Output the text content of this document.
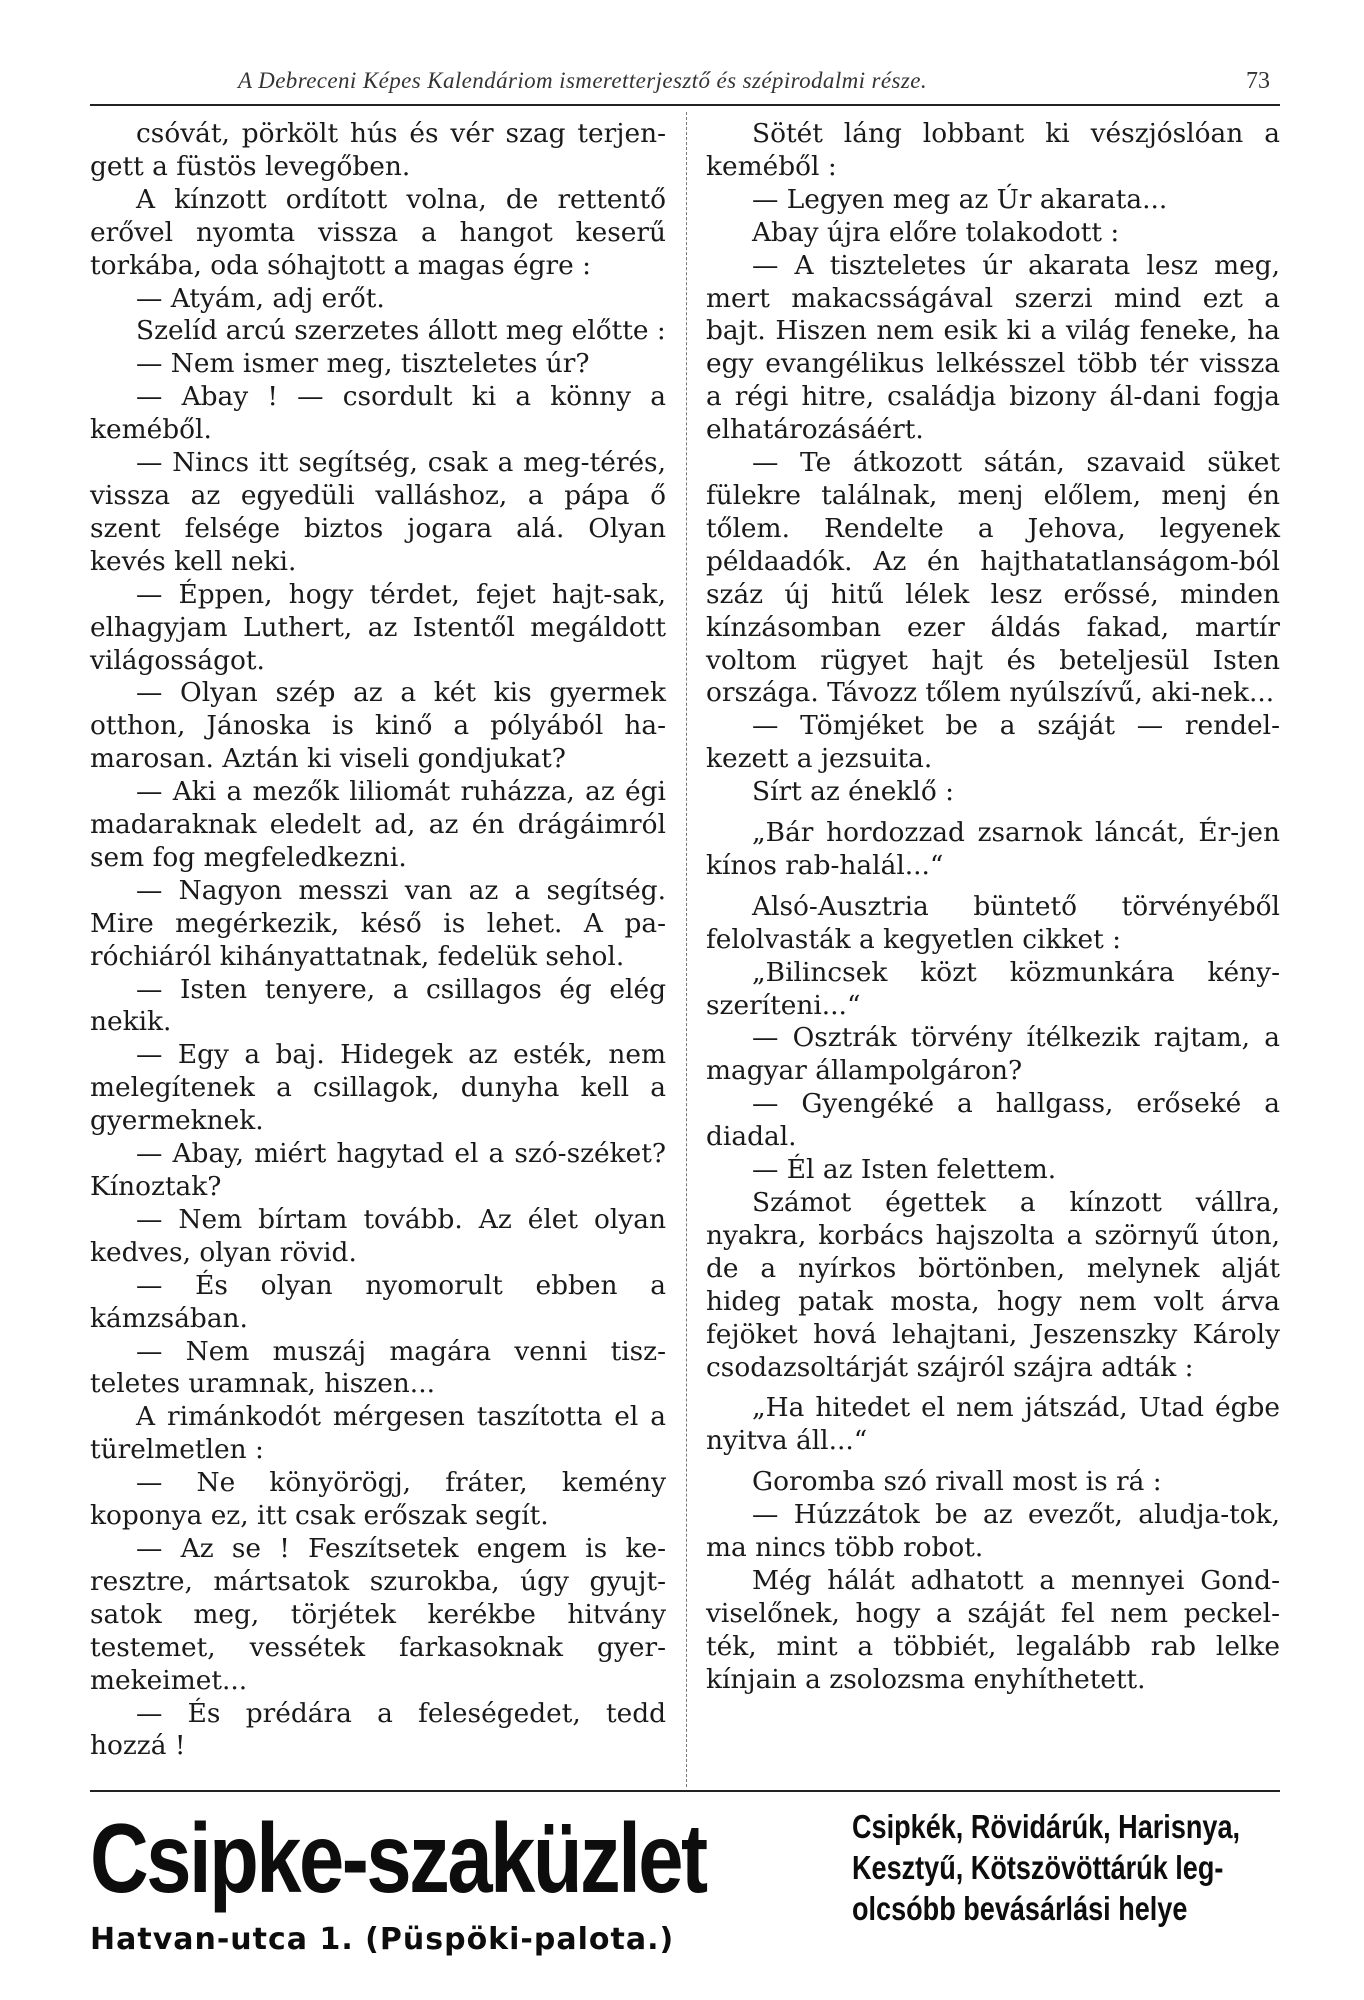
A Debreceni Képes Kalendáriom ismeretterjesztő és szépirodalmi része.	73

csóvát, pörkölt hús és vér szag terjen-gett a füstös levegőben.

A kínzott ordított volna, de rettentő erővel nyomta vissza a hangot keserű torkába, oda sóhajtott a magas égre :

— Atyám, adj erőt.

Szelíd arcú szerzetes állott meg előtte :

— Nem ismer meg, tiszteletes úr?

— Abay ! — csordult ki a könny a keméből.

— Nincs itt segítség, csak a meg-térés, vissza az egyedüli valláshoz, a pápa ő szent felsége biztos jogara alá. Olyan kevés kell neki.

— Éppen, hogy térdet, fejet hajt-sak, elhagyjam Luthert, az Istentől megáldott világosságot.

— Olyan szép az a két kis gyermek otthon, Jánoska is kinő a pólyából ha-marosan. Aztán ki viseli gondjukat?

— Aki a mezők liliomát ruházza, az égi madaraknak eledelt ad, az én drágáimról sem fog megfeledkezni.

— Nagyon messzi van az a segítség. Mire megérkezik, késő is lehet. A pa-róchiáról kihányattatnak, fedelük sehol.

— Isten tenyere, a csillagos ég elég nekik.

— Egy a baj. Hidegek az esték, nem melegítenek a csillagok, dunyha kell a gyermeknek.

— Abay, miért hagytad el a szó-széket? Kínoztak?

— Nem bírtam tovább. Az élet olyan kedves, olyan rövid.

— És olyan nyomorult ebben a kámzsában.

— Nem muszáj magára venni tisz-teletes uramnak, hiszen...

A rimánkodót mérgesen taszította el a türelmetlen :

— Ne könyörögj, fráter, kemény koponya ez, itt csak erőszak segít.

— Az se ! Feszítsetek engem is ke-resztre, mártsatok szurokba, úgy gyujt-satok meg, törjétek kerékbe hitvány testemet, vessétek farkasoknak gyer-mekeimet...

— És prédára a feleségedet, tedd hozzá !

Sötét láng lobbant ki vészjóslóan a keméből :

— Legyen meg az Úr akarata...

Abay újra előre tolakodott :

— A tiszteletes úr akarata lesz meg, mert makacsságával szerzi mind ezt a bajt. Hiszen nem esik ki a világ feneke, ha egy evangélikus lelkésszel több tér vissza a régi hitre, családja bizony ál-dani fogja elhatározásáért.

— Te átkozott sátán, szavaid süket fülekre találnak, menj előlem, menj én tőlem. Rendelte a Jehova, legyenek példaadók. Az én hajthatatlanságom-ból száz új hitű lélek lesz erőssé, minden kínzásomban ezer áldás fakad, martír voltom rügyet hajt és beteljesül Isten országa. Távozz tőlem nyúlszívű, aki-nek...

— Tömjéket be a száját — rendel-kezett a jezsuita.

Sírt az éneklő :

„Bár hordozzad zsarnok láncát, Ér-jen kínos rab-halál...“

Alsó-Ausztria büntető törvényéből felolvasták a kegyetlen cikket :

„Bilincsek közt közmunkára kény-szeríteni...“

— Osztrák törvény ítélkezik rajtam, a magyar állampolgáron?

— Gyengéké a hallgass, erőseké a diadal.

— Él az Isten felettem.

Számot égettek a kínzott vállra, nyakra, korbács hajszolta a szörnyű úton, de a nyírkos börtönben, melynek alját hideg patak mosta, hogy nem volt árva fejöket hová lehajtani, Jeszenszky Károly csodazsoltárját szájról szájra adták :

„Ha hitedet el nem játszád, Utad égbe nyitva áll...“

Goromba szó rivall most is rá :

— Húzzátok be az evezőt, aludja-tok, ma nincs több robot.

Még hálát adhatott a mennyei Gond-viselőnek, hogy a száját fel nem peckel-ték, mint a többiét, legalább rab lelke kínjain a zsolozsma enyhíthetett.

Csipke-szaküzlet
Hatvan-utca 1. (Püspöki-palota.)
Csipkék, Rövidárúk, Harisnya,
Kesztyű, Kötszövöttárúk leg-
olcsóbb bevásárlási helye
